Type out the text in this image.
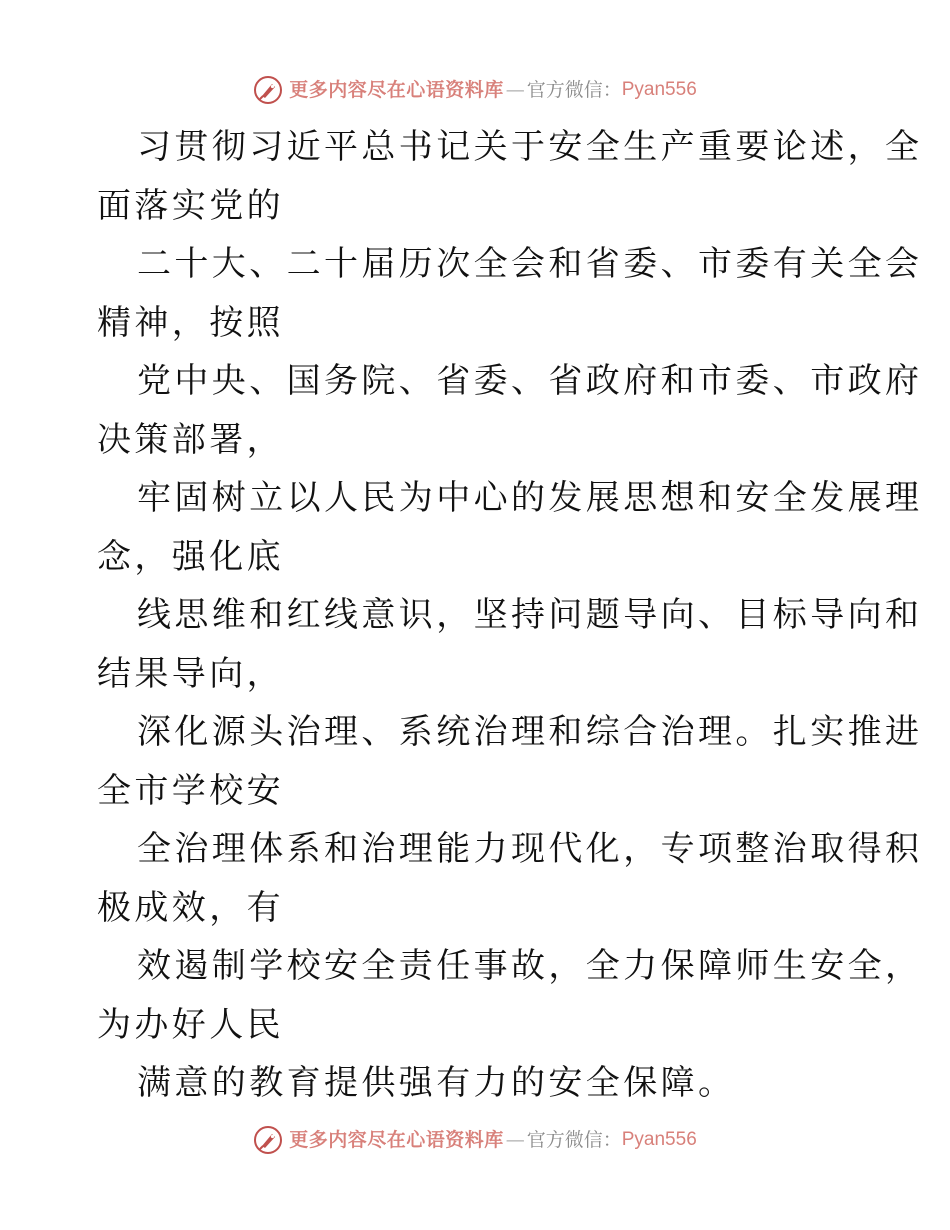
更多内容尽在心语资料库 — 官方微信： Pyan556
习贯彻习近平总书记关于安全生产重要论述，全
面落实党的
二十大、二十届历次全会和省委、市委有关全会
精神，按照
党中央、国务院、省委、省政府和市委、市政府
决策部署，
牢固树立以人民为中心的发展思想和安全发展理
念，强化底
线思维和红线意识，坚持问题导向、目标导向和
结果导向，
深化源头治理、系统治理和综合治理。扎实推进
全市学校安
全治理体系和治理能力现代化，专项整治取得积
极成效，有
效遏制学校安全责任事故，全力保障师生安全，
为办好人民
满意的教育提供强有力的安全保障。
更多内容尽在心语资料库 — 官方微信： Pyan556
